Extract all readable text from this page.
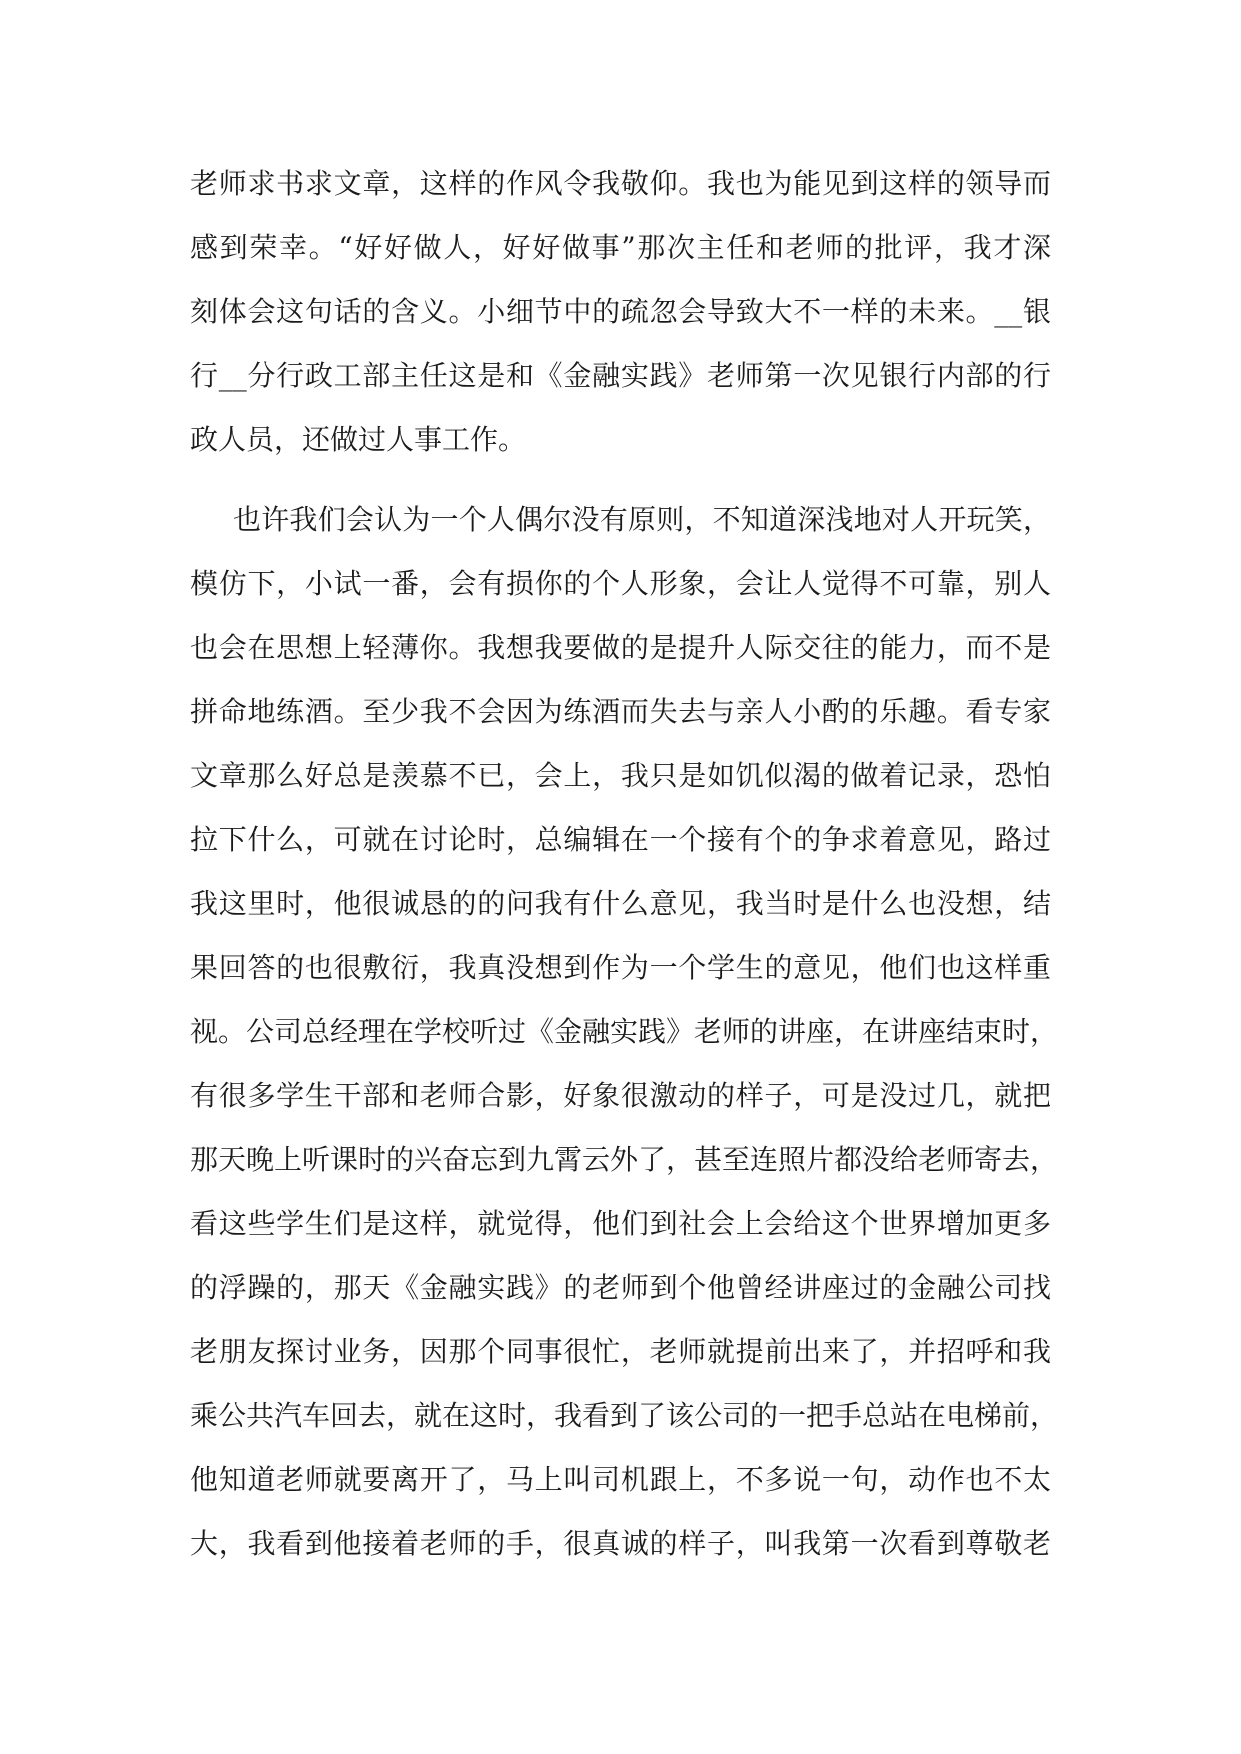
老师求书求文章，这样的作风令我敬仰。我也为能见到这样的领导而
感到荣幸。“好好做人，好好做事”那次主任和老师的批评，我才深
刻体会这句话的含义。小细节中的疏忽会导致大不一样的未来。__银
行__分行政工部主任这是和《金融实践》老师第一次见银行内部的行
政人员，还做过人事工作。
也许我们会认为一个人偶尔没有原则，不知道深浅地对人开玩笑，
模仿下，小试一番，会有损你的个人形象，会让人觉得不可靠，别人
也会在思想上轻薄你。我想我要做的是提升人际交往的能力，而不是
拼命地练酒。至少我不会因为练酒而失去与亲人小酌的乐趣。看专家
文章那么好总是羡慕不已，会上，我只是如饥似渴的做着记录，恐怕
拉下什么，可就在讨论时，总编辑在一个接有个的争求着意见，路过
我这里时，他很诚恳的的问我有什么意见，我当时是什么也没想，结
果回答的也很敷衍，我真没想到作为一个学生的意见，他们也这样重
视。公司总经理在学校听过《金融实践》老师的讲座，在讲座结束时，
有很多学生干部和老师合影，好象很激动的样子，可是没过几，就把
那天晚上听课时的兴奋忘到九霄云外了，甚至连照片都没给老师寄去，
看这些学生们是这样，就觉得，他们到社会上会给这个世界增加更多
的浮躁的，那天《金融实践》的老师到个他曾经讲座过的金融公司找
老朋友探讨业务，因那个同事很忙，老师就提前出来了，并招呼和我
乘公共汽车回去，就在这时，我看到了该公司的一把手总站在电梯前，
他知道老师就要离开了，马上叫司机跟上，不多说一句，动作也不太
大，我看到他接着老师的手，很真诚的样子，叫我第一次看到尊敬老
